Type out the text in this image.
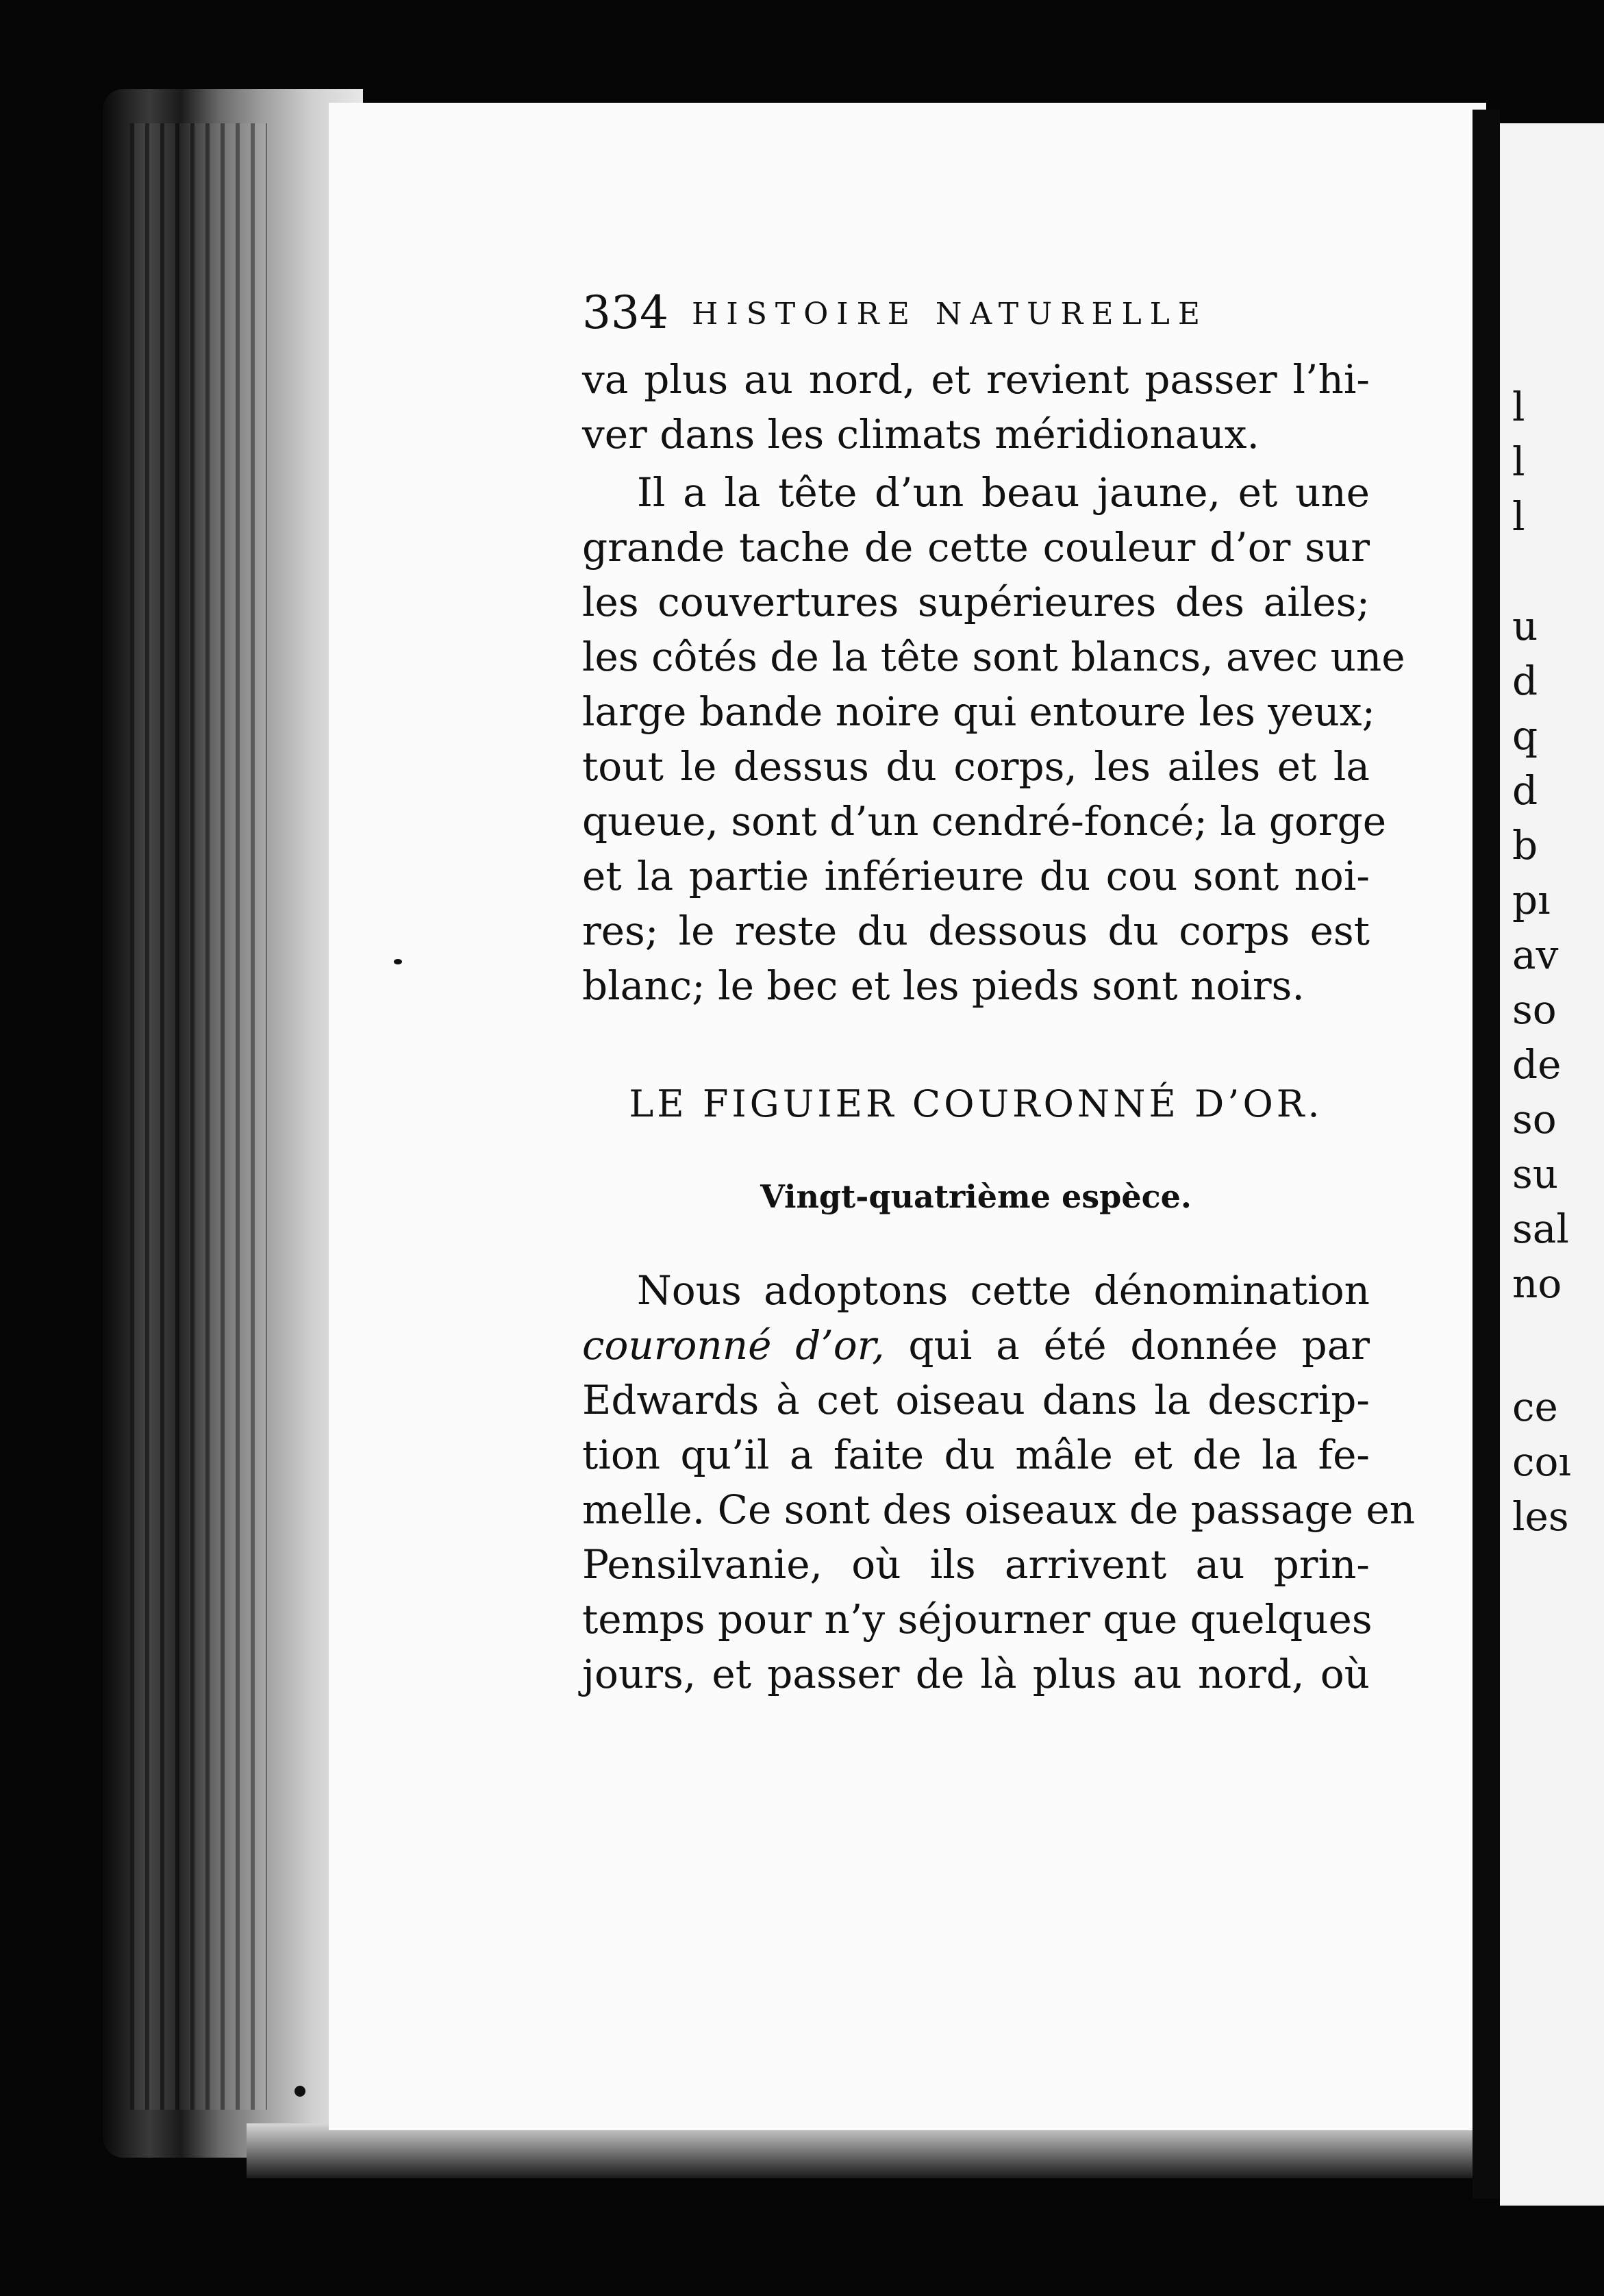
l
l
l
u
d
q
d
b
pı
av
so
de
so
su
sal
no
ce
coı
les
334 HISTOIRE NATURELLE
va plus au nord, et revient passer l’hi-
ver dans les climats méridionaux.
Il a la tête d’un beau jaune, et une
grande tache de cette couleur d’or sur
les couvertures supérieures des ailes;
les côtés de la tête sont blancs, avec une
large bande noire qui entoure les yeux;
tout le dessus du corps, les ailes et la
queue, sont d’un cendré-foncé; la gorge
et la partie inférieure du cou sont noi-
res; le reste du dessous du corps est
blanc; le bec et les pieds sont noirs.
LE FIGUIER COURONNÉ D’OR.
Vingt-quatrième espèce.
Nous adoptons cette dénomination
couronné d’or, qui a été donnée par
Edwards à cet oiseau dans la descrip-
tion qu’il a faite du mâle et de la fe-
melle. Ce sont des oiseaux de passage en
Pensilvanie, où ils arrivent au prin-
temps pour n’y séjourner que quelques
jours, et passer de là plus au nord, où
